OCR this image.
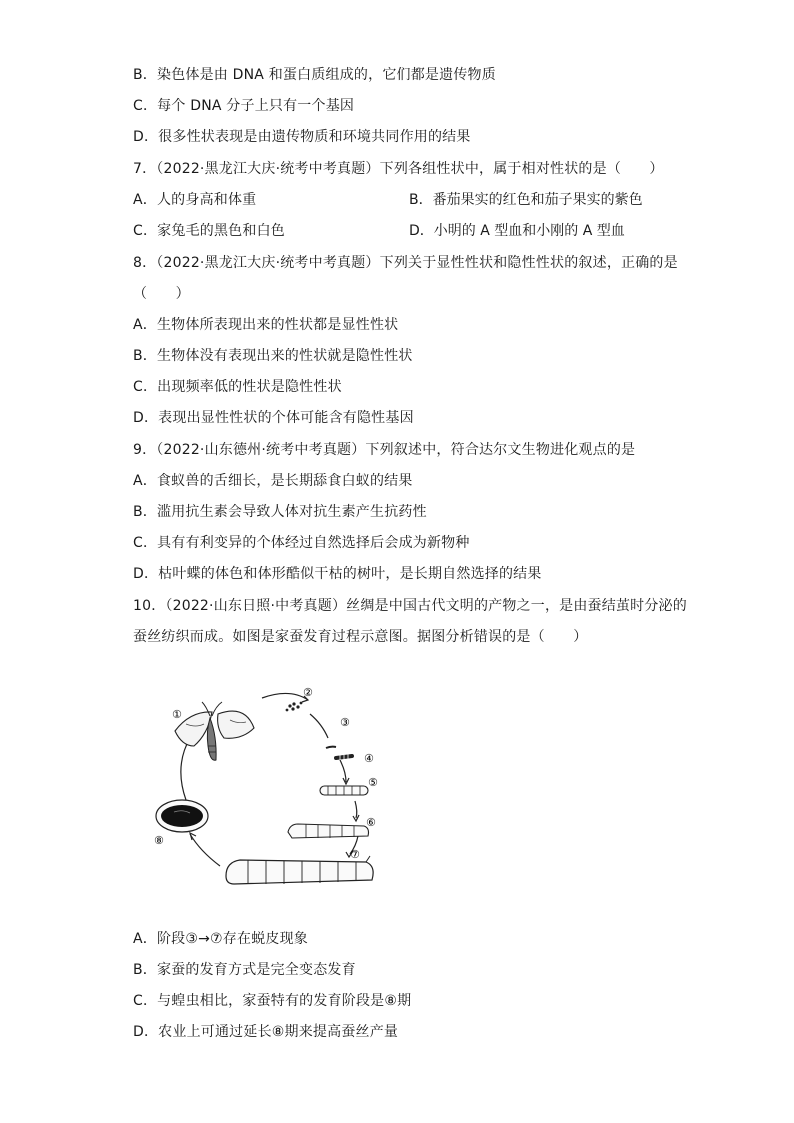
B．染色体是由 DNA 和蛋白质组成的，它们都是遗传物质
C．每个 DNA 分子上只有一个基因
D．很多性状表现是由遗传物质和环境共同作用的结果
7．（2022·黑龙江大庆·统考中考真题）下列各组性状中，属于相对性状的是（　　）
A．人的身高和体重	B．番茄果实的红色和茄子果实的紫色
C．家兔毛的黑色和白色	D．小明的 A 型血和小刚的 A 型血
8．（2022·黑龙江大庆·统考中考真题）下列关于显性性状和隐性性状的叙述，正确的是
（　　）
A．生物体所表现出来的性状都是显性性状
B．生物体没有表现出来的性状就是隐性性状
C．出现频率低的性状是隐性性状
D．表现出显性性状的个体可能含有隐性基因
9．（2022·山东德州·统考中考真题）下列叙述中，符合达尔文生物进化观点的是
A．食蚁兽的舌细长，是长期舔食白蚁的结果
B．滥用抗生素会导致人体对抗生素产生抗药性
C．具有有利变异的个体经过自然选择后会成为新物种
D．枯叶蝶的体色和体形酷似干枯的树叶，是长期自然选择的结果
10．（2022·山东日照·中考真题）丝绸是中国古代文明的产物之一，是由蚕结茧时分泌的
蚕丝纺织而成。如图是家蚕发育过程示意图。据图分析错误的是（　　）
①
②
③
④
⑤
⑥
⑦
⑧
A．阶段③→⑦存在蜕皮现象
B．家蚕的发育方式是完全变态发育
C．与蝗虫相比，家蚕特有的发育阶段是⑧期
D．农业上可通过延长⑧期来提高蚕丝产量
